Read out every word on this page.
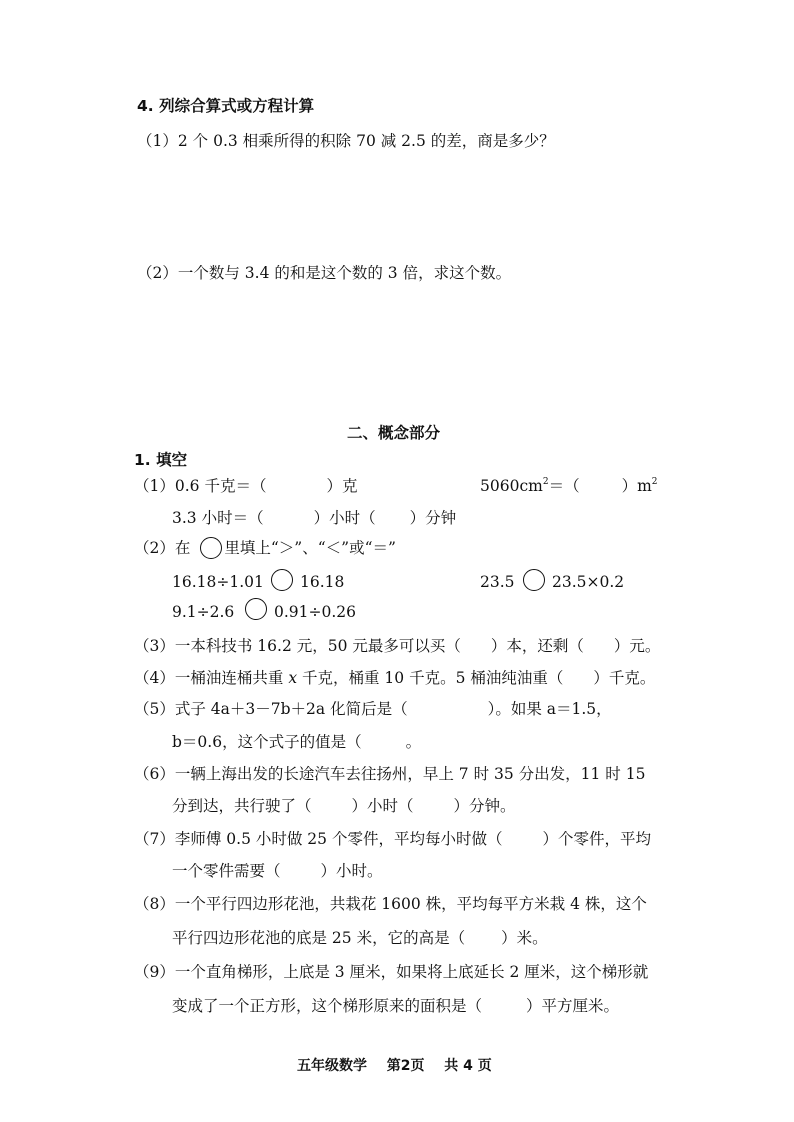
4. 列综合算式或方程计算
（1）2 个 0.3 相乘所得的积除 70 减 2.5 的差，商是多少？
（2）一个数与 3.4 的和是这个数的 3 倍，求这个数。
二、概念部分
1. 填空
（1）0.6 千克＝（	）克	$5060cm^2=$（	）$m^2$
3.3 小时＝（	）小时（ ）分钟
（2）在 里填上“＞”、“＜”或“＝”
16.18÷1.01 16.18	23.5 23.5×0.2
9.1÷2.6	0.91÷0.26
（3）一本科技书 16.2 元，50 元最多可以买（ ）本，还剩（ ）元。
（4）一桶油连桶共重 x 千克，桶重 10 千克。5 桶油纯油重（ ）千克。
（5）式子 4a＋3－7b＋2a 化简后是（	）。如果 a＝1.5，
b＝0.6，这个式子的值是（	。
（6）一辆上海出发的长途汽车去往扬州，早上 7 时 35 分出发，11 时 15
分到达，共行驶了（	）小时（	）分钟。
（7）李师傅 0.5 小时做 25 个零件，平均每小时做（	）个零件，平均
一个零件需要（	）小时。
（8）一个平行四边形花池，共栽花 1600 株，平均每平方米栽 4 株，这个
平行四边形花池的底是 25 米，它的高是（ ）米。
（9）一个直角梯形，上底是 3 厘米，如果将上底延长 2 厘米，这个梯形就
变成了一个正方形，这个梯形原来的面积是（	）平方厘米。
五年级数学 第2页 共 4 页
